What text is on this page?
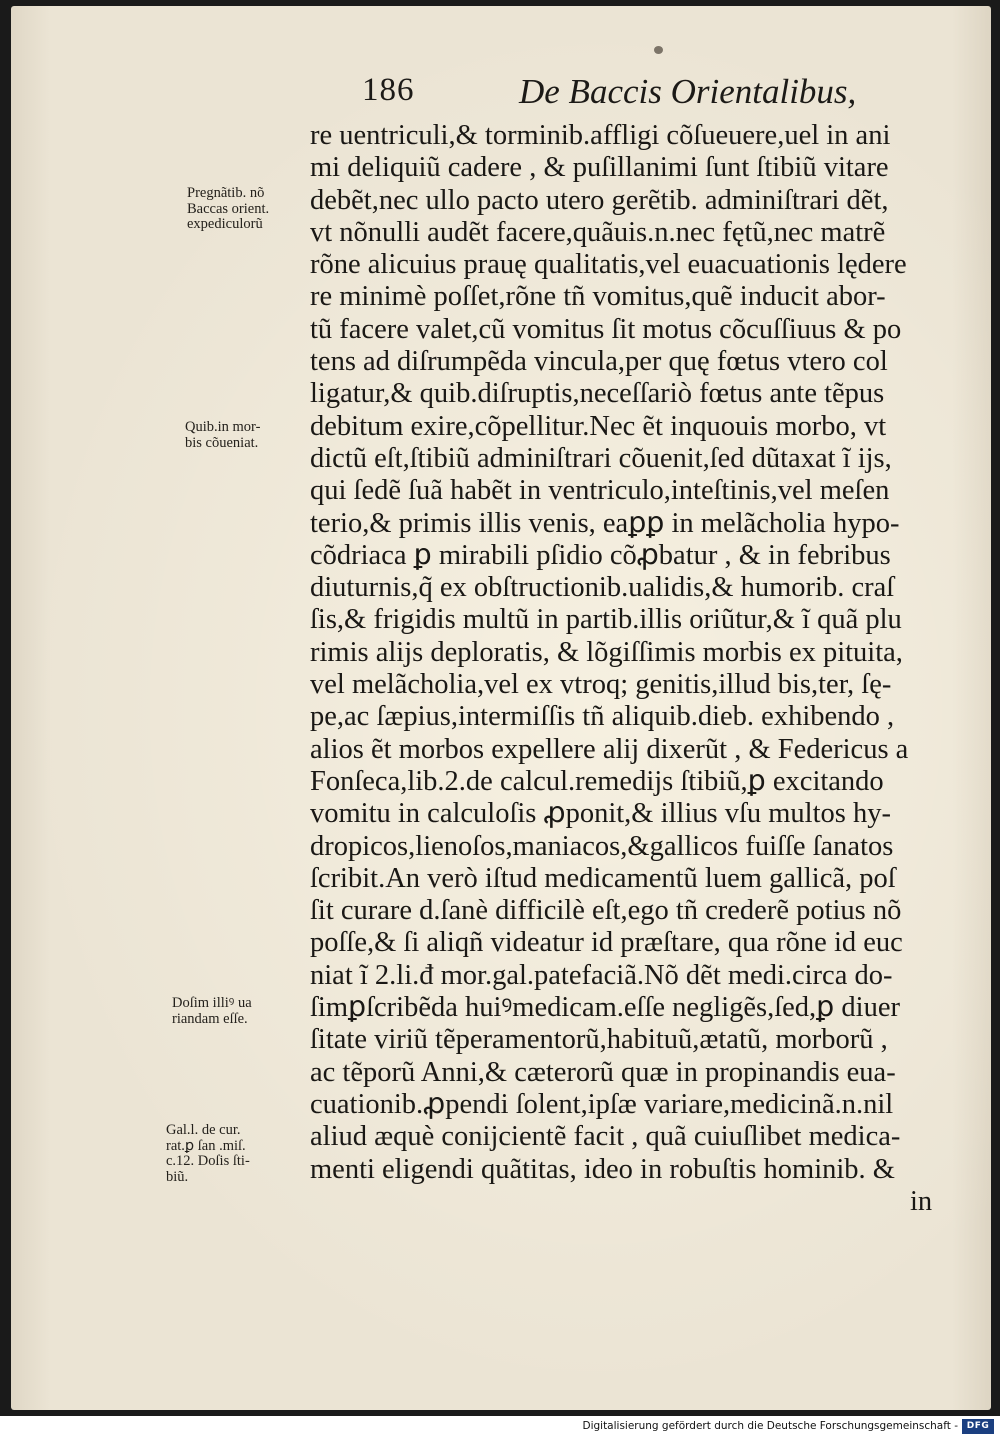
186	De Baccis Orientalibus,
Pregnãtib. nõ
Baccas orient.
expediculorũ
Quib.in mor-
bis cõueniat.
Doſim illiꝰ ua
riandam eſſe.
Gal.l. de cur.
rat.ꝑ ſan .miſ.
c.12. Doſis ſti-
biũ.
re uentriculi,& torminib.affligi cõſueuere,uel in ani
mi deliquiũ cadere , & puſillanimi ſunt ſtibiũ vitare
debẽt,nec ullo pacto utero gerẽtib. adminiſtrari dẽt,
vt nõnulli audẽt facere,quãuis.n.nec fętũ,nec matrẽ
rõne alicuius prauę qualitatis,vel euacuationis lędere
re minimè poſſet,rõne tñ vomitus,quẽ inducit abor-
tũ facere valet,cũ vomitus ſit motus cõcuſſiuus & po
tens ad diſrumpẽda vincula,per quę fœtus vtero col
ligatur,& quib.diſruptis,neceſſariò fœtus ante tẽpus
debitum exire,cõpellitur.Nec ẽt inquouis morbo, vt
dictũ eſt,ſtibiũ adminiſtrari cõuenit,ſed dũtaxat ĩ ijs,
qui ſedẽ ſuã habẽt in ventriculo,inteſtinis,vel meſen
terio,& primis illis venis, eaꝑꝑ in melãcholia hypo-
cõdriaca ꝑ mirabili pſidio cõꝓbatur , & in febribus
diuturnis,q̃ ex obſtructionib.ualidis,& humorib. craſ
ſis,& frigidis multũ in partib.illis oriũtur,& ĩ quã plu
rimis alijs deploratis, & lõgiſſimis morbis ex pituita,
vel melãcholia,vel ex vtroq; genitis,illud bis,ter, ſę-
pe,ac ſæpius,intermiſſis tñ aliquib.dieb. exhibendo ,
alios ẽt morbos expellere alij dixerũt , & Federicus a
Fonſeca,lib.2.de calcul.remedijs ſtibiũ,ꝑ excitando
vomitu in calculoſis ꝓponit,& illius vſu multos hy-
dropicos,lienoſos,maniacos,&gallicos fuiſſe ſanatos
ſcribit.An verò iſtud medicamentũ luem gallicã, poſ
ſit curare d.ſanè difficilè eſt,ego tñ crederẽ potius nõ
poſſe,& ſi aliqñ videatur id præſtare, qua rõne id euc
niat ĩ 2.li.đ mor.gal.patefaciã.Nõ dẽt medi.circa do-
ſimꝑſcribẽda huiꝰmedicam.eſſe negligẽs,ſed,ꝑ diuer
ſitate viriũ tẽperamentorũ,habituũ,ætatũ, morborũ ,
ac tẽporũ Anni,& cæterorũ quæ in propinandis eua-
cuationib.ꝓpendi ſolent,ipſæ variare,medicinã.n.nil
aliud æquè conijcientẽ facit , quã cuiuſlibet medica-
menti eligendi quãtitas, ideo in robuſtis hominib. &
in
Digitalisierung gefördert durch die Deutsche Forschungsgemeinschaft - DFG
